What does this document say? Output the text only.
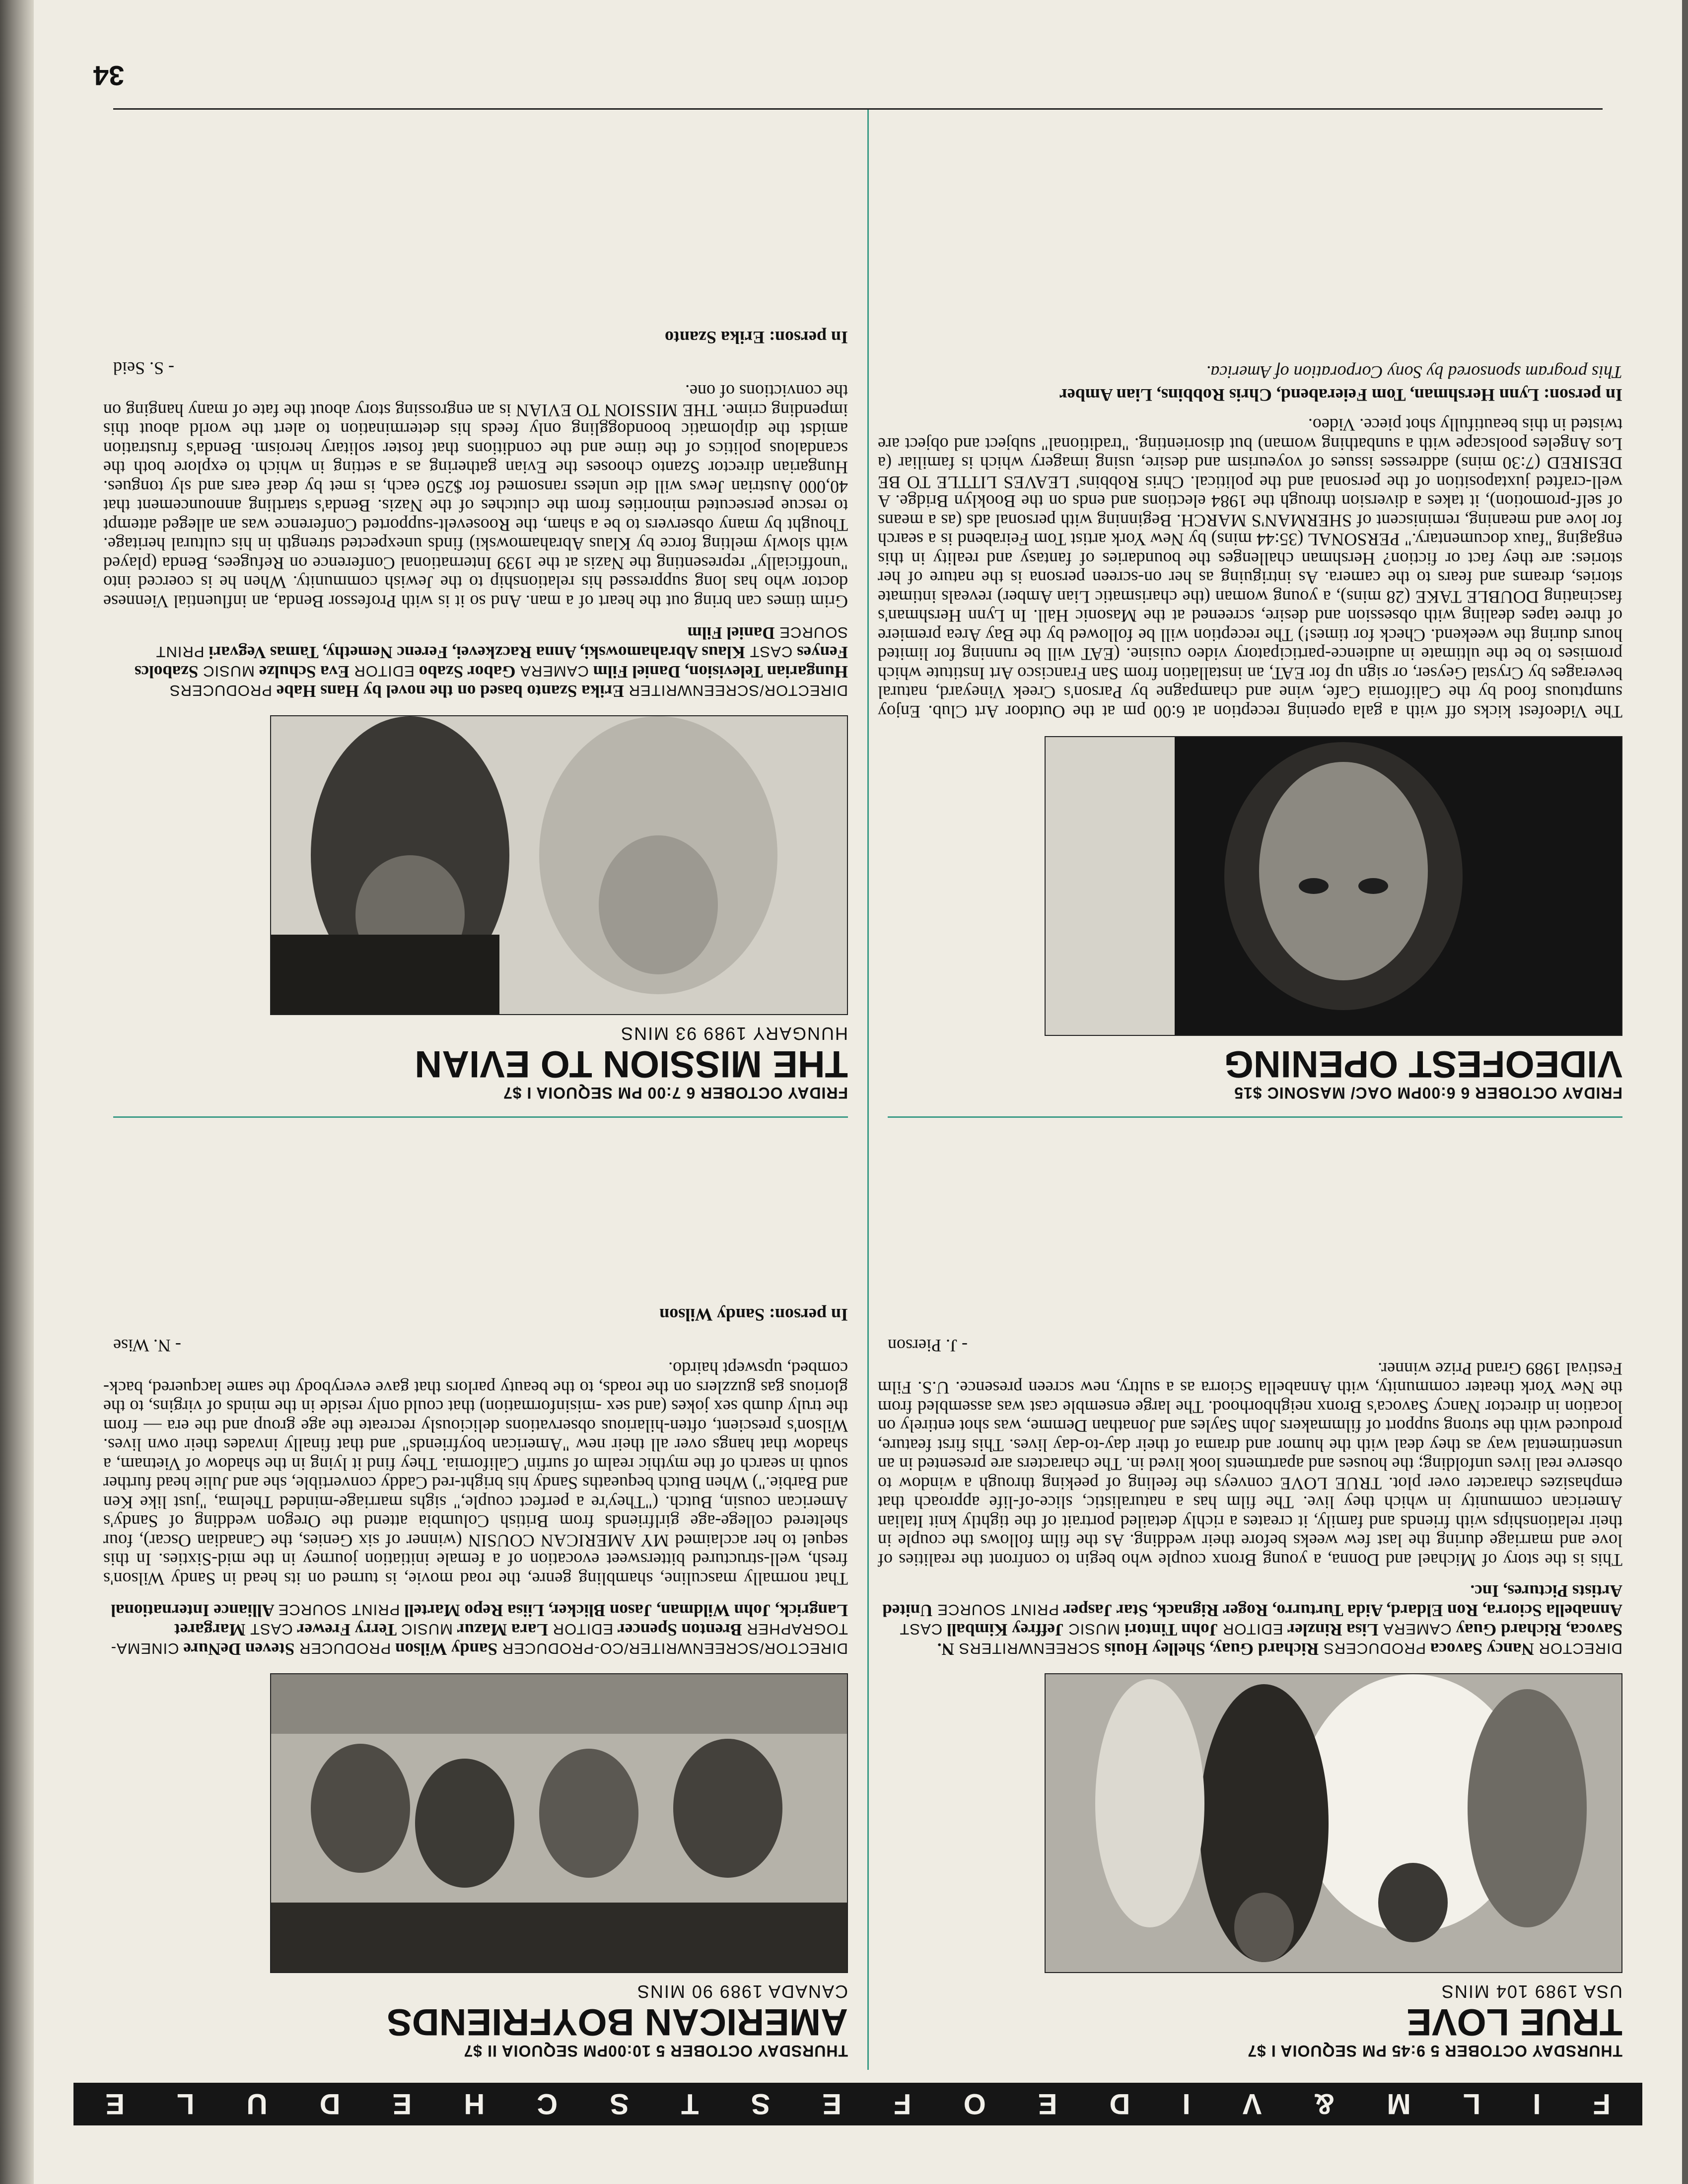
F
I
L
M
&
V
I
D
E
O
F
E
S
T
S
C
H
E
D
U
L
E

THURSDAY OCTOBER 5 9:45 PM SEQUOIA I $7

TRUE LOVE

USA 1989 104 MINS

DIRECTOR Nancy Savoca PRODUCERS Richard Guay, Shelley Houis SCREENWRITERS N. Savoca, Richard Guay CAMERA Lisa Rinzler EDITOR John Tintori MUSIC Jeffrey Kimball CAST Annabella Sciorra, Ron Eldard, Aida Turturro, Roger Rignack, Star Jasper PRINT SOURCE United Artists Pictures, Inc.

This is the story of Michael and Donna, a young Bronx couple who begin to confront the realities of love and marriage during the last few weeks before their wedding. As the film follows the couple in their relationships with friends and family, it creates a richly detailed portrait of the tightly knit Italian American community in which they live. The film has a naturalistic, slice-of-life approach that emphasizes character over plot. TRUE LOVE conveys the feeling of peeking through a window to observe real lives unfolding; the houses and apartments look lived in. The characters are presented in an unsentimental way as they deal with the humor and drama of their day-to-day lives. This first feature, produced with the strong support of filmmakers John Sayles and Jonathan Demme, was shot entirely on location in director Nancy Savoca's Bronx neighborhood. The large ensemble cast was assembled from the New York theater community, with Annabella Sciorra as a sultry, new screen presence. U.S. Film Festival 1989 Grand Prize winner.

- J. Pierson

THURSDAY OCTOBER 5 10:00PM SEQUOIA II $7

AMERICAN BOYFRIENDS

CANADA 1989 90 MINS

DIRECTOR/SCREENWRITER/CO-PRODUCER Sandy Wilson PRODUCER Steven DeNure CINEMA-TOGRAPHER Brenton Spencer EDITOR Lara Mazur MUSIC Terry Frewer CAST Margaret Langrick, John Wildman, Jason Blicker, Liisa Repo Martell PRINT SOURCE Alliance International

That normally masculine, shambling genre, the road movie, is turned on its head in Sandy Wilson's fresh, well-structured bittersweet evocation of a female initiation journey in the mid-Sixties. In this sequel to her acclaimed MY AMERICAN COUSIN (winner of six Genies, the Canadian Oscar), four sheltered college-age girlfriends from British Columbia attend the Oregon wedding of Sandy's American cousin, Butch. ("They're a perfect couple," sighs marriage-minded Thelma, "just like Ken and Barbie.") When Butch bequeaths Sandy his bright-red Caddy convertible, she and Julie head further south in search of the mythic realm of surfin' California. They find it lying in the shadow of Vietnam, a shadow that hangs over all their new "American boyfriends" and that finally invades their own lives. Wilson's prescient, often-hilarious observations deliciously recreate the age group and the era — from the truly dumb sex jokes (and sex -misinformation) that could only reside in the minds of virgins, to the glorious gas guzzlers on the roads, to the beauty parlors that gave everybody the same lacquered, back-combed, upswept hairdo.

- N. Wise

In person: Sandy Wilson

FRIDAY OCTOBER 6 6:00PM OAC/ MASONIC $15

VIDEOFEST OPENING

The Videofest kicks off with a gala opening reception at 6:00 pm at the Outdoor Art Club. Enjoy sumptuous food by the California Cafe, wine and champagne by Parson's Creek Vineyard, natural beverages by Crystal Geyser, or sign up for EAT, an installation from San Francisco Art Institute which promises to be the ultimate in audience-participatory video cuisine. (EAT will be running for limited hours during the weekend. Check for times!) The reception will be followed by the Bay Area premiere of three tapes dealing with obsession and desire, screened at the Masonic Hall. In Lynn Hershman's fascinating DOUBLE TAKE (28 mins), a young woman (the charismatic Lian Amber) reveals intimate stories, dreams and fears to the camera. As intriguing as her on-screen persona is the nature of her stories: are they fact or fiction? Hershman challenges the boundaries of fantasy and reality in this engaging "faux documentary." PERSONAL (35:44 mins) by New York artist Tom Feirabend is a search for love and meaning, reminiscent of SHERMAN'S MARCH. Beginning with personal ads (as a means of self-promotion), it takes a diversion through the 1984 elections and ends on the Booklyn Bridge. A well-crafted juxtaposition of the personal and the political. Chris Robbins' LEAVES LITTLE TO BE DESIRED (7:30 mins) addresses issues of voyeurism and desire, using imagery which is familiar (a Los Angeles poolscape with a sunbathing woman) but disorienting. "traditional" subject and object are twisted in this beautifully shot piece. Video.

In person: Lynn Hershman, Tom Feierabend, Chris Robbins, Lian Amber

This program sponsored by Sony Corporation of America.

FRIDAY OCTOBER 6 7:00 PM SEQUOIA I $7

THE MISSION TO EVIAN

HUNGARY 1989 93 MINS

DIRECTOR/SCREENWRITER Erika Szanto based on the novel by Hans Habe PRODUCERS Hungarian Television, Daniel Film CAMERA Gabor Szabo EDITOR Eva Schulze MUSIC Szabolcs Fenyes CAST Klaus Abrahamowski, Anna Raczkevei, Ferenc Nemethy, Tamas Vegvari PRINT SOURCE Daniel Film

Grim times can bring out the heart of a man. And so it is with Professor Benda, an influential Viennese doctor who has long suppressed his relationship to the Jewish community. When he is coerced into "unofficially" representing the Nazis at the 1939 International Conference on Refugees, Benda (played with slowly melting force by Klaus Abrahamowski) finds unexpected strength in his cultural heritage. Thought by many observers to be a sham, the Roosevelt-supported Conference was an alleged attempt to rescue persecuted minorities from the clutches of the Nazis. Benda's startling announcement that 40,000 Austrian Jews will die unless ransomed for $250 each, is met by deaf ears and sly tongues. Hungarian director Szanto chooses the Evian gathering as a setting in which to explore both the scandalous politics of the time and the conditions that foster solitary heroism. Benda's frustration amidst the diplomatic boondoggling only feeds his determination to alert the world about this impending crime. THE MISSION TO EVIAN is an engrossing story about the fate of many hanging on the convictions of one.

- S. Seid

In person: Erika Szanto

34
